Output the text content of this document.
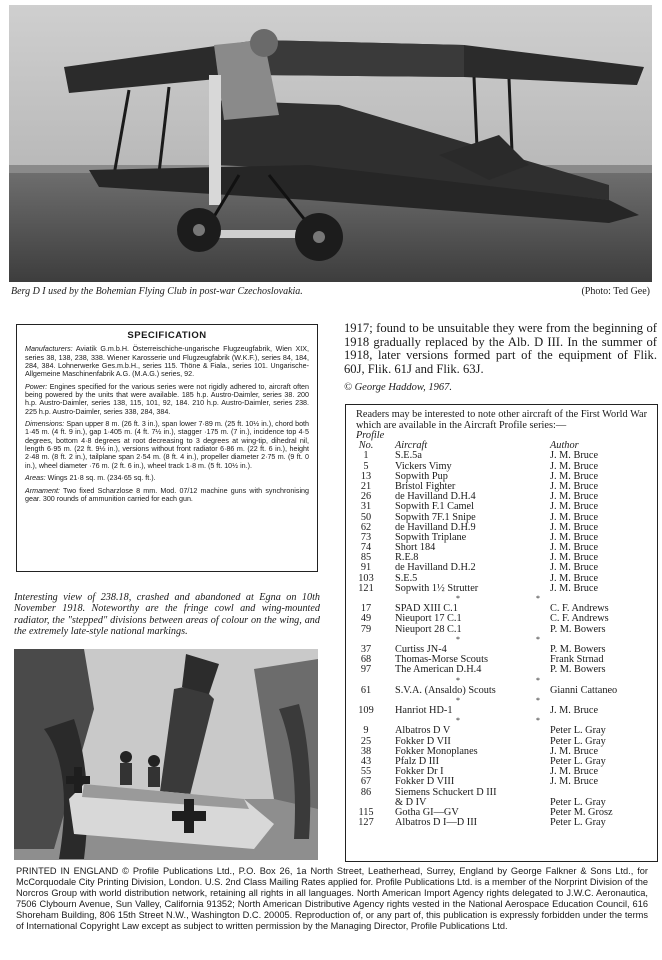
Berg D I used by the Bohemian Flying Club in post-war Czechoslovakia.	(Photo: Ted Gee)
SPECIFICATION

Manufacturers: Aviatik G.m.b.H. Österreischiche-ungarische Flugzeugfabrik, Wien XIX, series 38, 138, 238, 338. Wiener Karosserie und Flugzeugfabrik (W.K.F.), series 84, 184, 284, 384. Lohnerwerke Ges.m.b.H., series 115. Thöne & Fiala., series 101. Ungarische-Allgemeine Maschinenfabrik A.G. (M.A.G.) series, 92.

Power: Engines specified for the various series were not rigidly adhered to, aircraft often being powered by the units that were available. 185 h.p. Austro-Daimler, series 38. 200 h.p. Austro-Daimler, series 138, 115, 101, 92, 184. 210 h.p. Austro-Daimler, series 238. 225 h.p. Austro-Daimler, series 338, 284, 384.

Dimensions: Span upper 8 m. (26 ft. 3 in.), span lower 7·89 m. (25 ft. 10½ in.), chord both 1·45 m. (4 ft. 9 in.), gap 1·405 m. (4 ft. 7½ in.), stagger ·175 m. (7 in.), incidence top 4·5 degrees, bottom 4·8 degrees at root decreasing to 3 degrees at wing-tip, dihedral nil, length 6·95 m. (22 ft. 9½ in.), versions without front radiator 6·86 m. (22 ft. 6 in.), height 2·48 m. (8 ft. 2 in.), tailplane span 2·54 m. (8 ft. 4 in.), propeller diameter 2·75 m. (9 ft. 0 in.), wheel diameter ·76 m. (2 ft. 6 in.), wheel track 1·8 m. (5 ft. 10½ in.).

Areas: Wings 21·8 sq. m. (234·65 sq. ft.).

Armament: Two fixed Scharzlose 8 mm. Mod. 07/12 machine guns with synchronising gear. 300 rounds of ammunition carried for each gun.

Interesting view of 238.18, crashed and abandoned at Egna on 10th November 1918. Noteworthy are the fringe cowl and wing-mounted radiator, the "stepped" divisions between areas of colour on the wing, and the extremely late-style national markings.
1917; found to be unsuitable they were from the beginning of 1918 gradually replaced by the Alb. D III. In the summer of 1918, later versions formed part of the equipment of Flik. 60J, Flik. 61J and Flik. 63J.
© George Haddow, 1967.
Readers may be interested to note other aircraft of the First World War which are available in the Aircraft Profile series:—
Profile
No. Aircraft	Author
1	S.E.5a	J. M. Bruce
5	Vickers Vimy	J. M. Bruce
13	Sopwith Pup	J. M. Bruce
21	Bristol Fighter	J. M. Bruce
26	de Havilland D.H.4	J. M. Bruce
31	Sopwith F.1 Camel	J. M. Bruce
50	Sopwith 7F.1 Snipe	J. M. Bruce
62	de Havilland D.H.9	J. M. Bruce
73	Sopwith Triplane	J. M. Bruce
74	Short 184	J. M. Bruce
85	R.E.8	J. M. Bruce
91	de Havilland D.H.2	J. M. Bruce
103 S.E.5	J. M. Bruce
121 Sopwith 1½ Strutter	J. M. Bruce
*	*
17	SPAD XIII C.1	C. F. Andrews
49	Nieuport 17 C.1	C. F. Andrews
79	Nieuport 28 C.1	P. M. Bowers
*	*
37	Curtiss JN-4	P. M. Bowers
68	Thomas-Morse Scouts	Frank Strnad
97	The American D.H.4	P. M. Bowers
*	*
61	S.V.A. (Ansaldo) Scouts	Gianni Cattaneo
*	*
109 Hanriot HD-1	J. M. Bruce
*	*
9	Albatros D V	Peter L. Gray
25	Fokker D VII	Peter L. Gray
38	Fokker Monoplanes	J. M. Bruce
43	Pfalz D III	Peter L. Gray
55	Fokker Dr I	J. M. Bruce
67	Fokker D VIII	J. M. Bruce
86	Siemens Schuckert D III
& D IV	Peter L. Gray
115 Gotha GI—GV	Peter M. Grosz
127 Albatros D I—D III	Peter L. Gray
PRINTED IN ENGLAND © Profile Publications Ltd., P.O. Box 26, 1a North Street, Leatherhead, Surrey, England by George Falkner & Sons Ltd., for McCorquodale City Printing Division, London. U.S. 2nd Class Mailing Rates applied for. Profile Publications Ltd. is a member of the Norprint Division of the Norcros Group with world distribution network, retaining all rights in all languages. North American Import Agency rights delegated to J.W.C. Aeronautica, 7506 Clybourn Avenue, Sun Valley, California 91352; North American Distributive Agency rights vested in the National Aerospace Education Council, 616 Shoreham Building, 806 15th Street N.W., Washington D.C. 20005. Reproduction of, or any part of, this publication is expressly forbidden under the terms of International Copyright Law except as subject to written permission by the Managing Director, Profile Publications Ltd.
